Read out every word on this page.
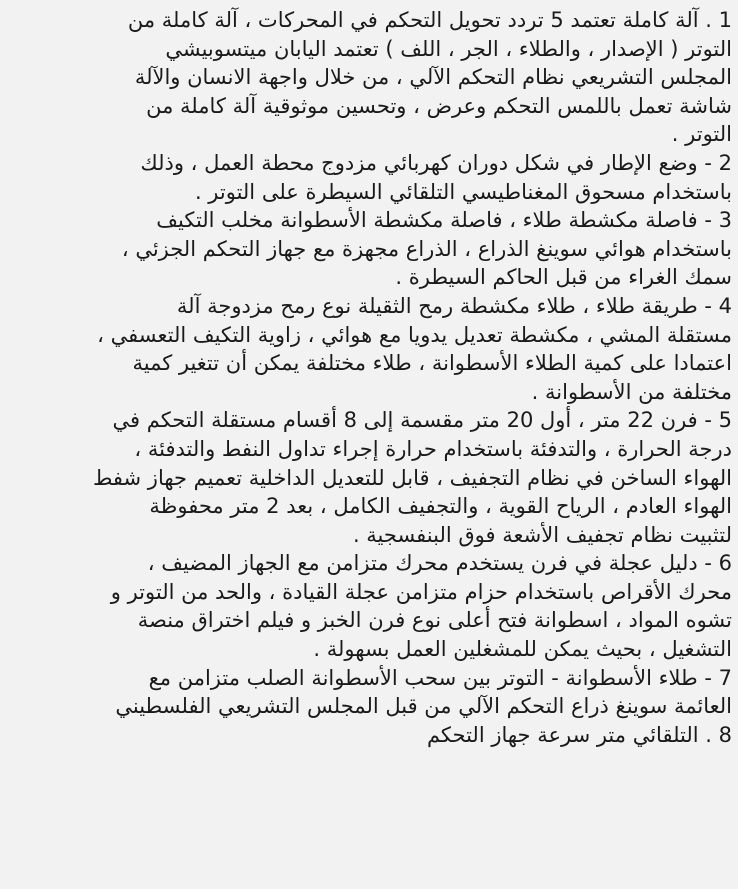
1 . آلة كاملة تعتمد 5 تردد تحويل التحكم في المحركات ، آلة كاملة من
التوتر ( الإصدار ، والطلاء ، الجر ، اللف ) تعتمد اليابان ميتسوبيشي
المجلس التشريعي نظام التحكم الآلي ، من خلال واجهة الانسان والآلة
شاشة تعمل باللمس التحكم وعرض ، وتحسين موثوقية آلة كاملة من
التوتر .
2 - وضع الإطار في شكل دوران كهربائي مزدوج محطة العمل ، وذلك
باستخدام مسحوق المغناطيسي التلقائي السيطرة على التوتر .
3 - فاصلة مكشطة طلاء ، فاصلة مكشطة الأسطوانة مخلب التكيف
باستخدام هوائي سوينغ الذراع ، الذراع مجهزة مع جهاز التحكم الجزئي ،
سمك الغراء من قبل الحاكم السيطرة .
4 - طريقة طلاء ، طلاء مكشطة رمح الثقيلة نوع رمح مزدوجة آلة
مستقلة المشي ، مكشطة تعديل يدويا مع هوائي ، زاوية التكيف التعسفي ،
اعتمادا على كمية الطلاء الأسطوانة ، طلاء مختلفة يمكن أن تتغير كمية
مختلفة من الأسطوانة .
5 - فرن 22 متر ، أول 20 متر مقسمة إلى 8 أقسام مستقلة التحكم في
درجة الحرارة ، والتدفئة باستخدام حرارة إجراء تداول النفط والتدفئة ،
الهواء الساخن في نظام التجفيف ، قابل للتعديل الداخلية تعميم جهاز شفط
الهواء العادم ، الرياح القوية ، والتجفيف الكامل ، بعد 2 متر محفوظة
لتثبيت نظام تجفيف الأشعة فوق البنفسجية .
6 - دليل عجلة في فرن يستخدم محرك متزامن مع الجهاز المضيف ،
محرك الأقراص باستخدام حزام متزامن عجلة القيادة ، والحد من التوتر و
تشوه المواد ، اسطوانة فتح أعلى نوع فرن الخبز و فيلم اختراق منصة
التشغيل ، بحيث يمكن للمشغلين العمل بسهولة .
7 - طلاء الأسطوانة - التوتر بين سحب الأسطوانة الصلب متزامن مع
العائمة سوينغ ذراع التحكم الآلي من قبل المجلس التشريعي الفلسطيني
8 . التلقائي متر سرعة جهاز التحكم
